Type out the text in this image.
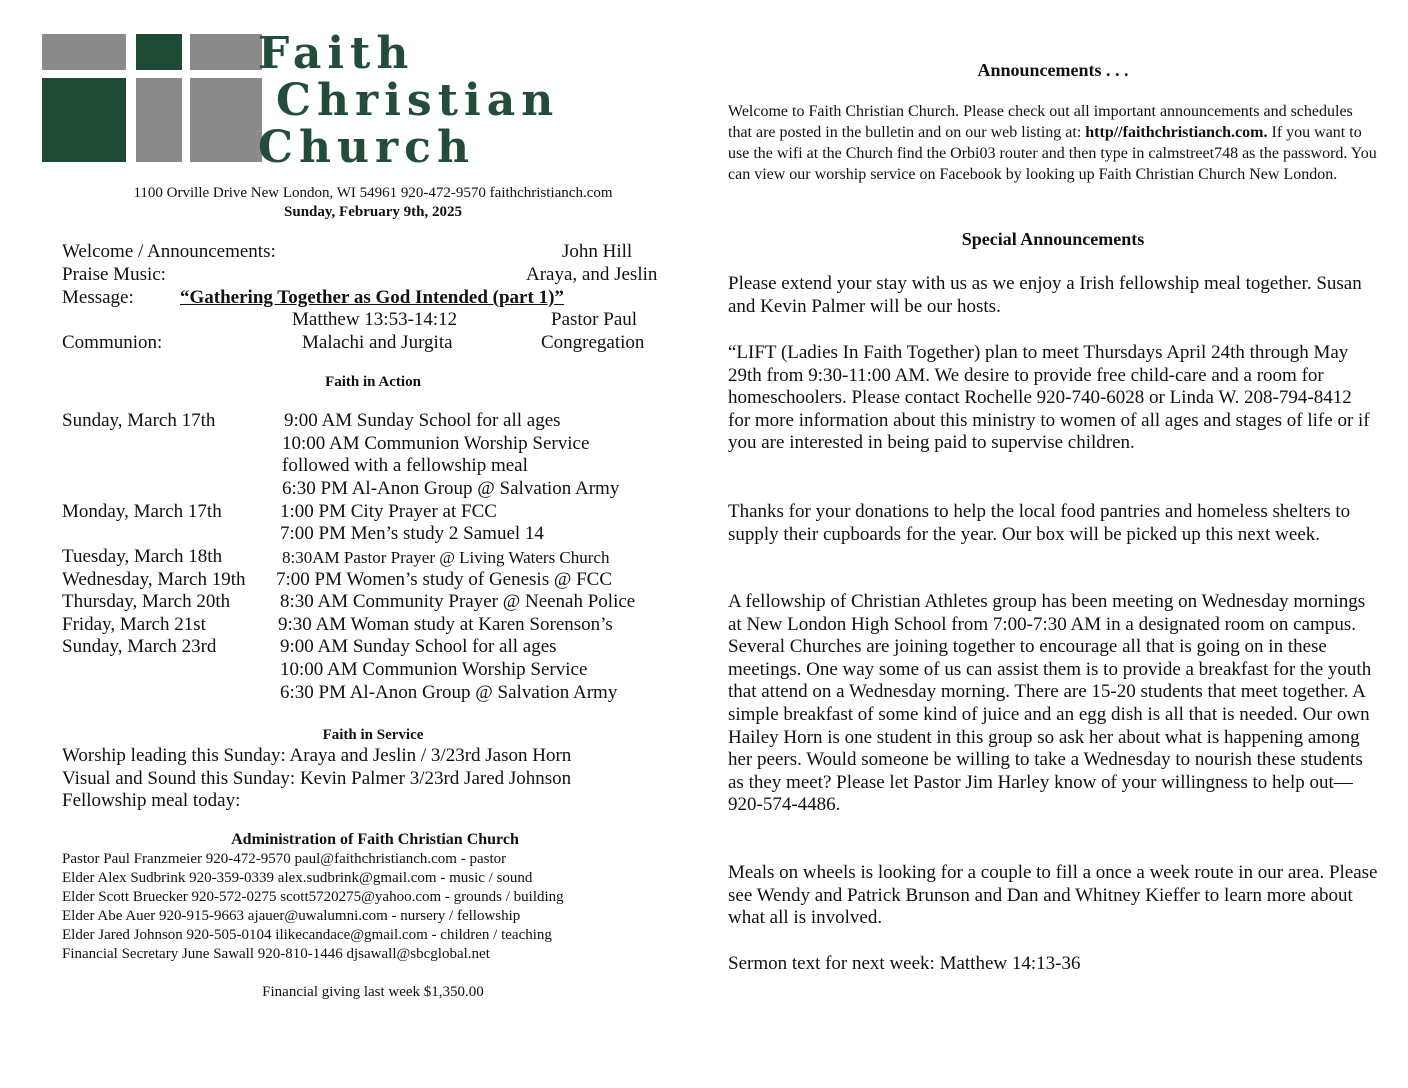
Faith
Christian
Church
1100 Orville Drive New London, WI 54961 920-472-9570 faithchristianch.com
Sunday, February 9th, 2025
Welcome / Announcements:	John Hill
Praise Music:	Araya, and Jeslin
Message: “Gathering Together as God Intended (part 1)”
Matthew 13:53-14:12	Pastor Paul
Communion:	Malachi and Jurgita	Congregation
Faith in Action
Sunday, March 17th	9:00 AM Sunday School for all ages
10:00 AM Communion Worship Service
followed with a fellowship meal
6:30 PM Al-Anon Group @ Salvation Army
Monday, March 17th	1:00 PM City Prayer at FCC
7:00 PM Men’s study 2 Samuel 14
Tuesday, March 18th	8:30AM Pastor Prayer @ Living Waters Church
Wednesday, March 19th 7:00 PM Women’s study of Genesis @ FCC
Thursday, March 20th	8:30 AM Community Prayer @ Neenah Police
Friday, March 21st	9:30 AM Woman study at Karen Sorenson’s
Sunday, March 23rd	9:00 AM Sunday School for all ages
10:00 AM Communion Worship Service
6:30 PM Al-Anon Group @ Salvation Army
Faith in Service
Worship leading this Sunday: Araya and Jeslin / 3/23rd Jason Horn
Visual and Sound this Sunday: Kevin Palmer 3/23rd Jared Johnson
Fellowship meal today:
Administration of Faith Christian Church
Pastor Paul Franzmeier 920-472-9570 paul@faithchristianch.com - pastor
Elder Alex Sudbrink 920-359-0339 alex.sudbrink@gmail.com - music / sound
Elder Scott Bruecker 920-572-0275 scott5720275@yahoo.com - grounds / building
Elder Abe Auer 920-915-9663 ajauer@uwalumni.com - nursery / fellowship
Elder Jared Johnson 920-505-0104 ilikecandace@gmail.com - children / teaching
Financial Secretary June Sawall 920-810-1446 djsawall@sbcglobal.net
Financial giving last week $1,350.00
Announcements . . .
Welcome to Faith Christian Church. Please check out all important announcements and schedules that are posted in the bulletin and on our web listing at: http//faithchristianch.com. If you want to use the wifi at the Church find the Orbi03 router and then type in calmstreet748 as the password. You can view our worship service on Facebook by looking up Faith Christian Church New London.
Special Announcements
Please extend your stay with us as we enjoy a Irish fellowship meal together. Susan and Kevin Palmer will be our hosts.
“LIFT (Ladies In Faith Together) plan to meet Thursdays April 24th through May 29th from 9:30-11:00 AM. We desire to provide free child-care and a room for homeschoolers. Please contact Rochelle 920-740-6028 or Linda W. 208-794-8412 for more information about this ministry to women of all ages and stages of life or if you are interested in being paid to supervise children.
Thanks for your donations to help the local food pantries and homeless shelters to supply their cupboards for the year. Our box will be picked up this next week.
A fellowship of Christian Athletes group has been meeting on Wednesday mornings at New London High School from 7:00-7:30 AM in a designated room on campus. Several Churches are joining together to encourage all that is going on in these meetings. One way some of us can assist them is to provide a breakfast for the youth that attend on a Wednesday morning. There are 15-20 students that meet together. A simple breakfast of some kind of juice and an egg dish is all that is needed. Our own Hailey Horn is one student in this group so ask her about what is happening among her peers. Would someone be willing to take a Wednesday to nourish these students as they meet? Please let Pastor Jim Harley know of your willingness to help out—920-574-4486.
Meals on wheels is looking for a couple to fill a once a week route in our area. Please see Wendy and Patrick Brunson and Dan and Whitney Kieffer to learn more about what all is involved.
Sermon text for next week: Matthew 14:13-36
